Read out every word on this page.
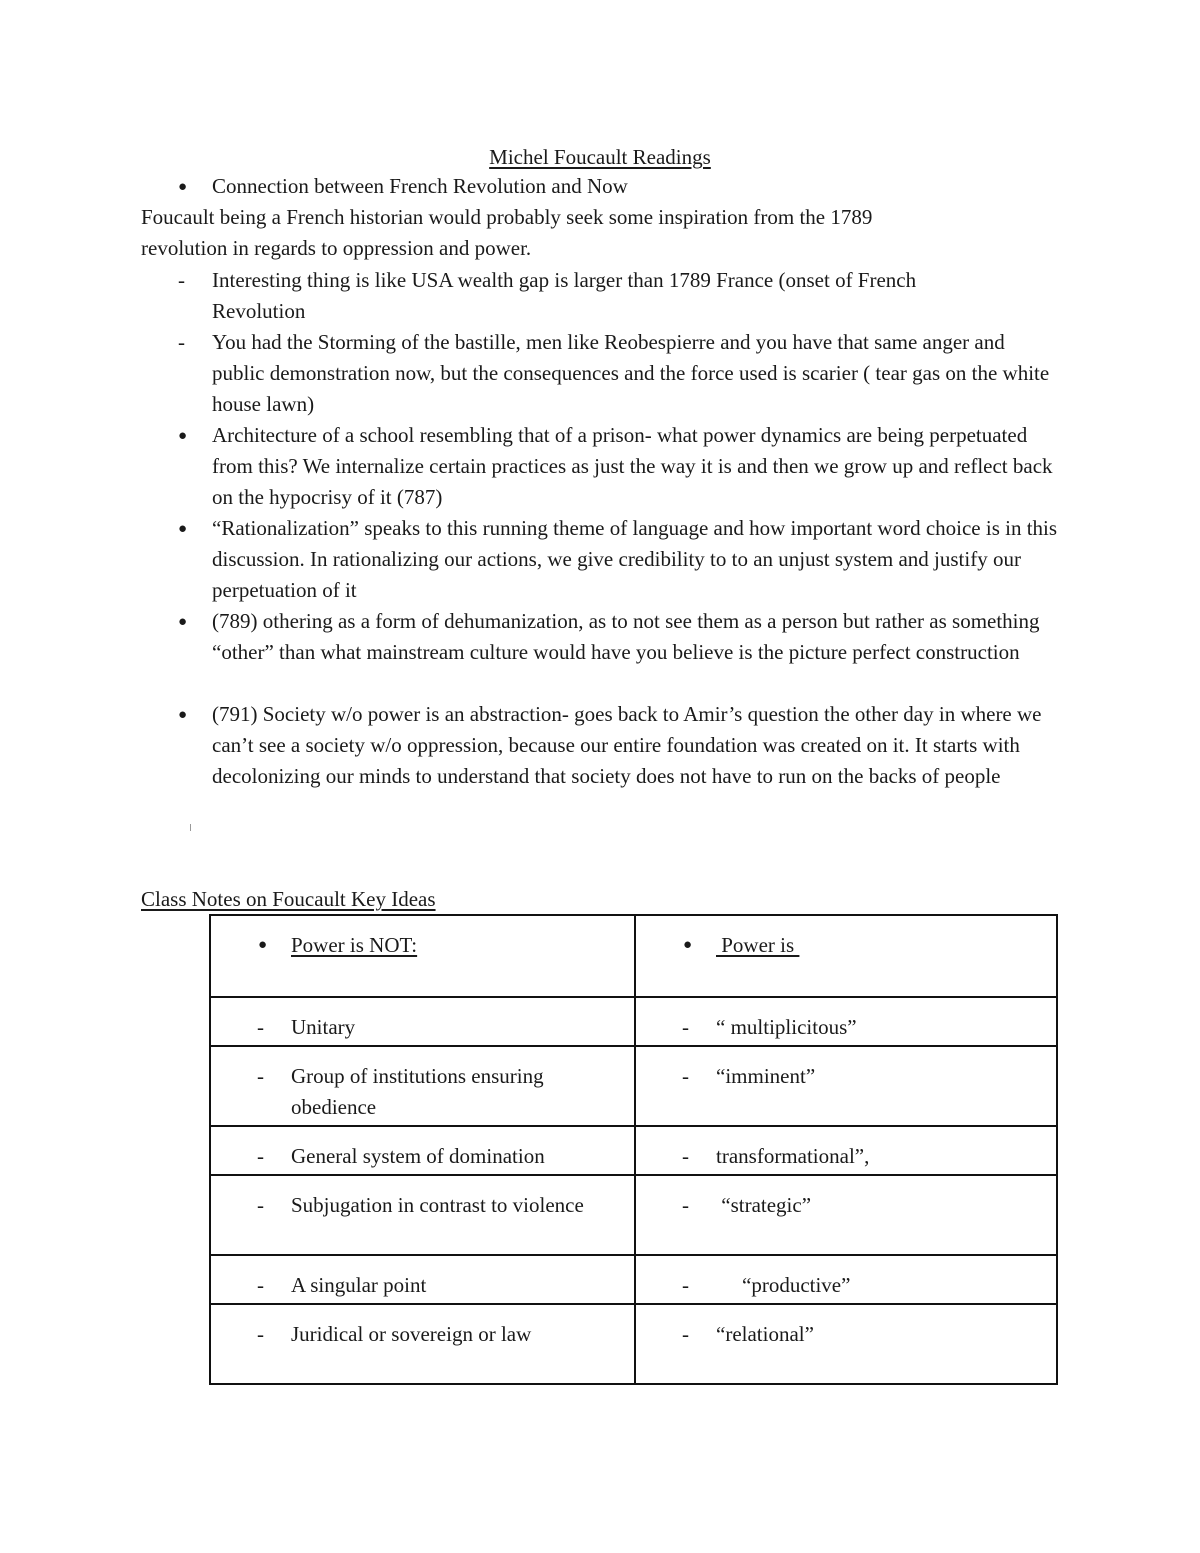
Michel Foucault Readings
●	Connection between French Revolution and Now
Foucault being a French historian would probably seek some inspiration from the 1789
revolution in regards to oppression and power.
-	Interesting thing is like USA wealth gap is larger than 1789 France (onset of French Revolution
-	You had the Storming of the bastille, men like Reobespierre and you have that same anger and public demonstration now, but the consequences and the force used is scarier ( tear gas on the white house lawn)
●	Architecture of a school resembling that of a prison- what power dynamics are being perpetuated from this? We internalize certain practices as just the way it is and then we grow up and reflect back on the hypocrisy of it (787)
●	“Rationalization” speaks to this running theme of language and how important word choice is in this discussion. In rationalizing our actions, we give credibility to to an unjust system and justify our perpetuation of it
●	(789) othering as a form of dehumanization, as to not see them as a person but rather as something “other” than what mainstream culture would have you believe is the picture perfect construction
●	(791) Society w/o power is an abstraction- goes back to Amir’s question the other day in where we can’t see a society w/o oppression, because our entire foundation was created on it. It starts with decolonizing our minds to understand that society does not have to run on the backs of people
Class Notes on Foucault Key Ideas
● Power is NOT:	● Power is

- Unitary	- “ multiplicitous”

- Group of institutions ensuring obedience	- “imminent”

- General system of domination	- transformational”,

- Subjugation in contrast to violence	- “strategic”

- A singular point	- “productive”

- Juridical or sovereign or law	- “relational”
